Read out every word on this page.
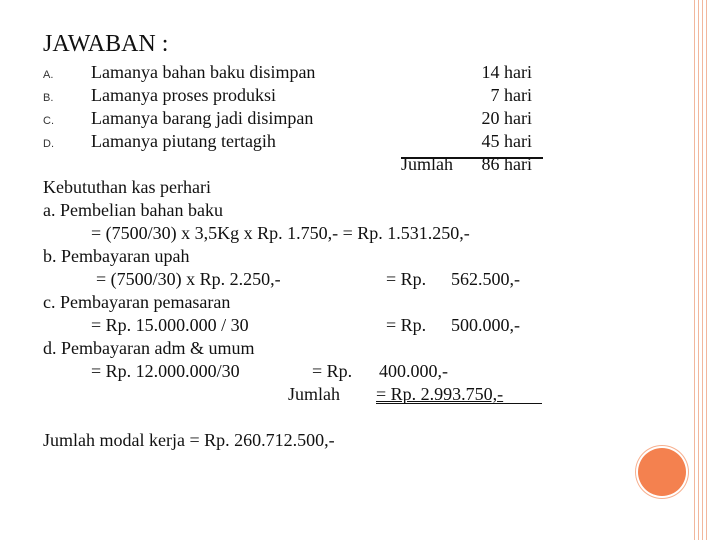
JAWABAN :
A. Lamanya bahan baku disimpan	14 hari
B. Lamanya proses produksi	7 hari
C. Lamanya barang jadi disimpan	20 hari
D. Lamanya piutang tertagih	45 hari
Jumlah 86 hari
Kebututhan kas perhari
a. Pembelian bahan baku
= (7500/30) x 3,5Kg x Rp. 1.750,- = Rp. 1.531.250,-
b. Pembayaran upah
= (7500/30) x Rp. 2.250,-	= Rp. 562.500,-
c. Pembayaran pemasaran
= Rp. 15.000.000 / 30	= Rp. 500.000,-
d. Pembayaran adm & umum
= Rp. 12.000.000/30	= Rp. 400.000,-
Jumlah = Rp. 2.993.750,-
Jumlah modal kerja = Rp. 260.712.500,-
